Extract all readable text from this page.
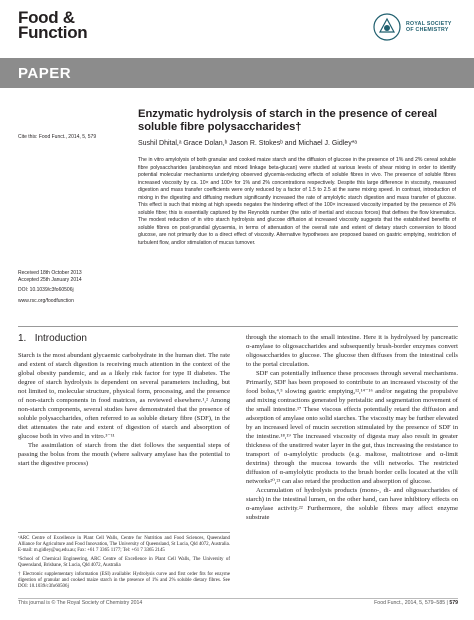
Food &
Function	ROYAL SOCIETY
OF CHEMISTRY
PAPER
Cite this: Food Funct., 2014, 5, 579
Enzymatic hydrolysis of starch in the presence of cereal soluble fibre polysaccharides†
Sushil Dhital,ᵃ Grace Dolan,ᵇ Jason R. Stokesᵇ and Michael J. Gidley*ᵃ
The in vitro amylolysis of both granular and cooked maize starch and the diffusion of glucose in the presence of 1% and 2% cereal soluble fibre polysaccharides (arabinoxylan and mixed linkage beta-glucan) were studied at various levels of shear mixing in order to identify potential molecular mechanisms underlying observed glycemia-reducing effects of soluble fibres in vivo. The presence of soluble fibres increased viscosity by ca. 10× and 100× for 1% and 2% concentrations respectively. Despite this large difference in viscosity, measured digestion and mass transfer coefficients were only reduced by a factor of 1.5 to 2.5 at the same mixing speed. In contrast, introduction of mixing in the digesting and diffusing medium significantly increased the rate of amylolytic starch digestion and mass transfer of glucose. This effect is such that mixing at high speeds negates the hindering effect of the 100× increased viscosity imparted by the presence of 2% soluble fibre; this is essentially captured by the Reynolds number (the ratio of inertial and viscous forces) that defines the flow kinematics. The modest reduction of in vitro starch hydrolysis and glucose diffusion at increased viscosity suggests that the established benefits of soluble fibres on post-prandial glycaemia, in terms of attenuation of the overall rate and extent of dietary starch conversion to blood glucose, are not primarily due to a direct effect of viscosity. Alternative hypotheses are proposed based on gastric emptying, restriction of turbulent flow, and/or stimulation of mucus turnover.
Received 18th October 2013
Accepted 25th January 2014
DOI: 10.1039/c3fo60506j
www.rsc.org/foodfunction
1. Introduction

Starch is the most abundant glycaemic carbohydrate in the human diet. The rate and extent of starch digestion is receiving much attention in the context of the global obesity pandemic, and as a likely risk factor for type II diabetes. The degree of starch hydrolysis is dependent on several parameters including, but not limited to, molecular structure, physical form, processing, and the presence of non-starch components in food matrices, as reviewed elsewhere.¹,² Among non-starch components, several studies have demonstrated that the presence of soluble polysaccharides, often referred to as soluble dietary fibre (SDF), in the diet attenuates the rate and extent of digestion of starch and absorption of glucose both in vivo and in vitro.³⁻¹¹

The assimilation of starch from the diet follows the sequential steps of passing the bolus from the mouth (where salivary amylase has the potential to start the digestive process)

ᵃARC Centre of Excellence in Plant Cell Walls, Centre for Nutrition and Food Sciences, Queensland Alliance for Agriculture and Food Innovation, The University of Queensland, St Lucia, Qld 4072, Australia. E-mail: m.gidley@uq.edu.au; Fax: +61 7 3365 1177; Tel: +61 7 3365 2145

ᵇSchool of Chemical Engineering, ARC Centre of Excellence in Plant Cell Walls, The University of Queensland, Brisbane, St Lucia, Qld 4072, Australia

† Electronic supplementary information (ESI) available: Hydrolysis curve and first order fits for enzyme digestion of granular and cooked maize starch in the presence of 1% and 2% soluble dietary fibres. See DOI: 10.1039/c3fo60506j

through the stomach to the small intestine. Here it is hydrolysed by pancreatic α-amylase to oligosaccharides and subsequently brush-border enzymes convert oligosaccharides to glucose. The glucose then diffuses from the intestinal cells to the portal circulation.

SDF can potentially influence these processes through several mechanisms. Primarily, SDF has been proposed to contribute to an increased viscosity of the food bolus,⁴,⁵ slowing gastric emptying,¹²,¹⁴⁻¹⁶ and/or negating the propulsive and mixing contractions generated by peristaltic and segmentation movement of the small intestine.¹⁷ These viscous effects potentially retard the diffusion and adsorption of amylase onto solid starches. The viscosity may be further elevated by an increased level of mucin secretion stimulated by the presence of SDF in the intestine.¹⁸,¹⁹ The increased viscosity of digesta may also result in greater thickness of the unstirred water layer in the gut, thus increasing the resistance to transport of α-amylolytic products (e.g. maltose, maltotriose and α-limit dextrins) through the mucosa towards the villi networks. The restricted diffusion of α-amylolytic products to the brush border cells located at the villi networks²⁰,²¹ can also retard the production and absorption of glucose.

Accumulation of hydrolysis products (mono-, di- and oligosaccharides of starch) in the intestinal lumen, on the other hand, can have inhibitory effects on α-amylase activity.²² Furthermore, the soluble fibres may affect enzyme substrate

This journal is © The Royal Society of Chemistry 2014	Food Funct., 2014, 5, 579–585 | 579
